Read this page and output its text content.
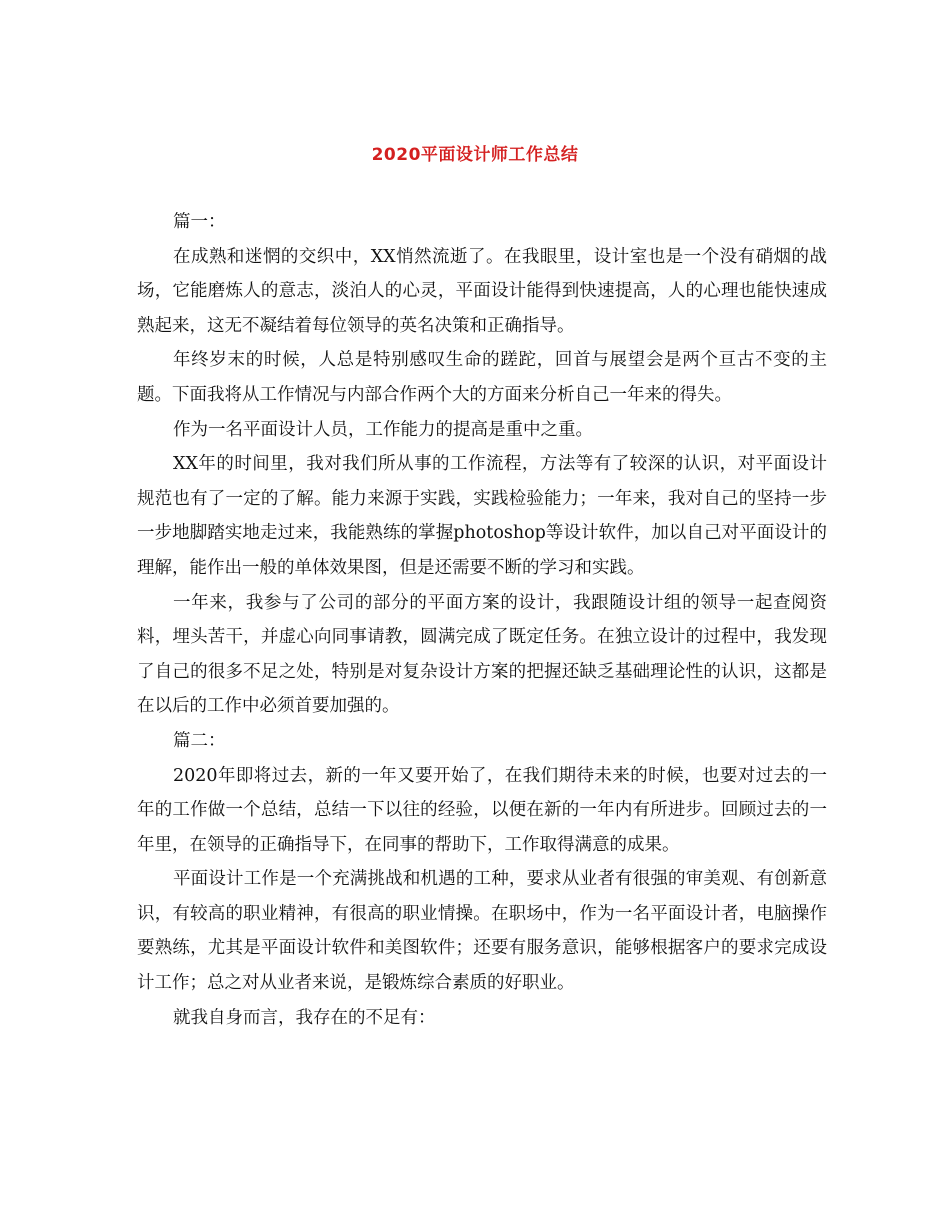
2020平面设计师工作总结

篇一：

在成熟和迷惘的交织中，XX悄然流逝了。在我眼里，设计室也是一个没有硝烟的战场，它能磨炼人的意志，淡泊人的心灵，平面设计能得到快速提高，人的心理也能快速成熟起来，这无不凝结着每位领导的英名决策和正确指导。

年终岁末的时候，人总是特别感叹生命的蹉跎，回首与展望会是两个亘古不变的主题。下面我将从工作情况与内部合作两个大的方面来分析自己一年来的得失。

作为一名平面设计人员，工作能力的提高是重中之重。

XX年的时间里，我对我们所从事的工作流程，方法等有了较深的认识，对平面设计规范也有了一定的了解。能力来源于实践，实践检验能力；一年来，我对自己的坚持一步一步地脚踏实地走过来，我能熟练的掌握photoshop等设计软件，加以自己对平面设计的理解，能作出一般的单体效果图，但是还需要不断的学习和实践。

一年来，我参与了公司的部分的平面方案的设计，我跟随设计组的领导一起查阅资料，埋头苦干，并虚心向同事请教，圆满完成了既定任务。在独立设计的过程中，我发现了自己的很多不足之处，特别是对复杂设计方案的把握还缺乏基础理论性的认识，这都是在以后的工作中必须首要加强的。

篇二：

2020年即将过去，新的一年又要开始了，在我们期待未来的时候，也要对过去的一年的工作做一个总结，总结一下以往的经验，以便在新的一年内有所进步。回顾过去的一年里，在领导的正确指导下，在同事的帮助下，工作取得满意的成果。

平面设计工作是一个充满挑战和机遇的工种，要求从业者有很强的审美观、有创新意识，有较高的职业精神，有很高的职业情操。在职场中，作为一名平面设计者，电脑操作要熟练，尤其是平面设计软件和美图软件；还要有服务意识，能够根据客户的要求完成设计工作；总之对从业者来说，是锻炼综合素质的好职业。

就我自身而言，我存在的不足有：
